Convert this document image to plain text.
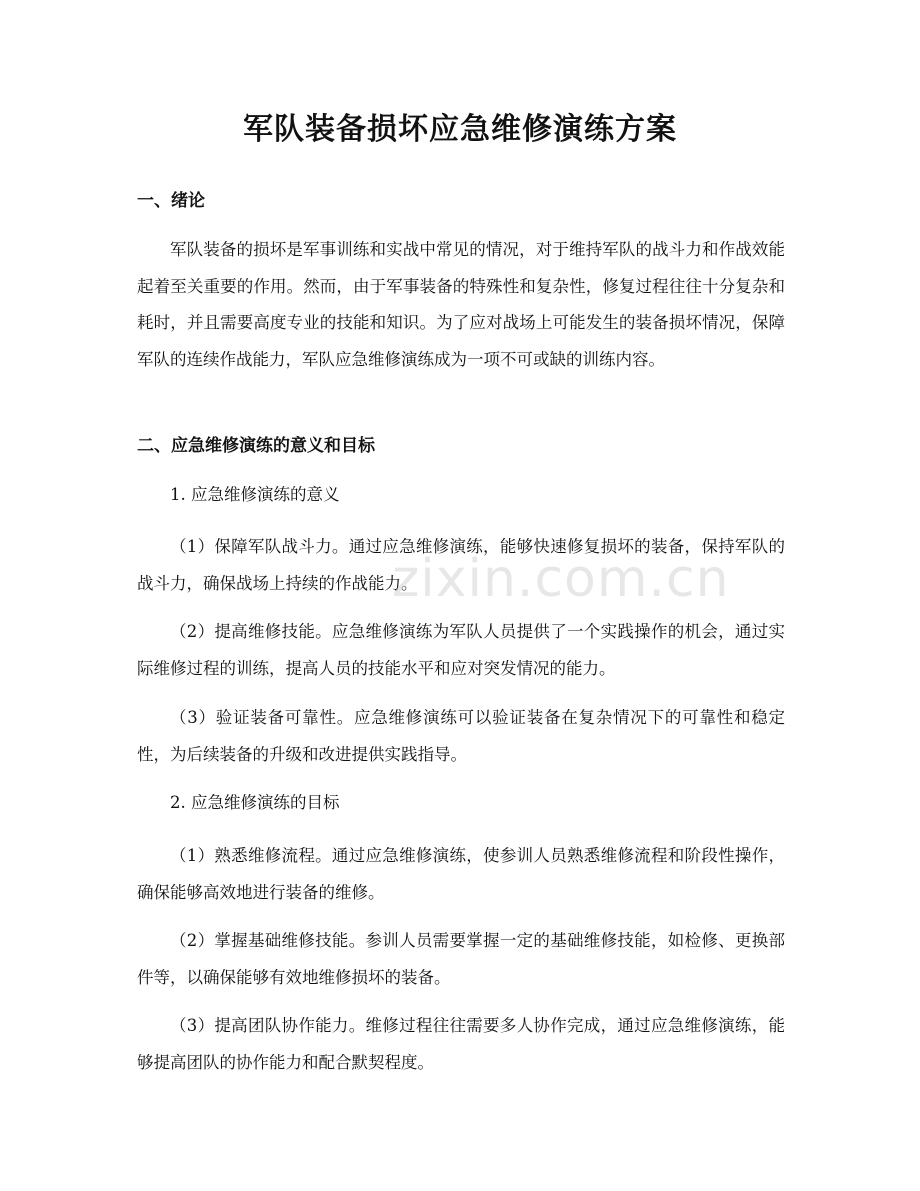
军队装备损坏应急维修演练方案
一、绪论

军队装备的损坏是军事训练和实战中常见的情况，对于维持军队的战斗力和作战效能起着至关重要的作用。然而，由于军事装备的特殊性和复杂性，修复过程往往十分复杂和耗时，并且需要高度专业的技能和知识。为了应对战场上可能发生的装备损坏情况，保障军队的连续作战能力，军队应急维修演练成为一项不可或缺的训练内容。

二、应急维修演练的意义和目标
1. 应急维修演练的意义

（1）保障军队战斗力。通过应急维修演练，能够快速修复损坏的装备，保持军队的战斗力，确保战场上持续的作战能力。

（2）提高维修技能。应急维修演练为军队人员提供了一个实践操作的机会，通过实际维修过程的训练，提高人员的技能水平和应对突发情况的能力。

（3）验证装备可靠性。应急维修演练可以验证装备在复杂情况下的可靠性和稳定性，为后续装备的升级和改进提供实践指导。

2. 应急维修演练的目标

（1）熟悉维修流程。通过应急维修演练，使参训人员熟悉维修流程和阶段性操作，确保能够高效地进行装备的维修。

（2）掌握基础维修技能。参训人员需要掌握一定的基础维修技能，如检修、更换部件等，以确保能够有效地维修损坏的装备。

（3）提高团队协作能力。维修过程往往需要多人协作完成，通过应急维修演练，能够提高团队的协作能力和配合默契程度。

zixin.com.cn
